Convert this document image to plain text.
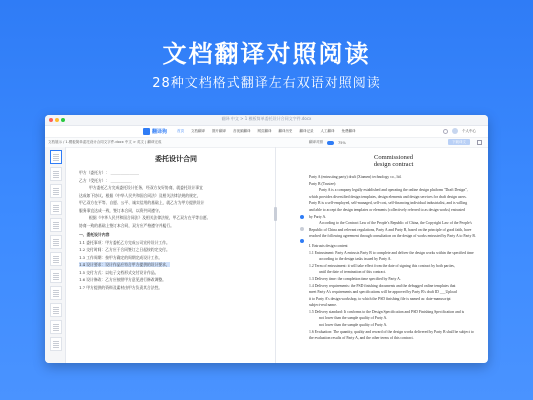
文档翻译对照阅读
28种文档格式翻译左右双语对照阅读
翻译 中文 > 1 模板简单委托设计合同文字件.docx
翻译狗	首页 文档翻译 图片翻译 音视频翻译 网页翻译 翻译历史 翻译记录 人工翻译 免费翻译	个人中心
文档展示 / 1.模板简单委托设计合同文字件.docx 中文 > 英文 | 翻译完成	翻译对照	75%	下载译文
委托设计合同
甲方（委托方）： _______________
乙方（受托方）： ___________
甲方委托乙方完成委托设计任务，经双方友好协商，就委托设计事宜
达成如下协议。根据《中华人民共和国合同法》及相关法律法规的规定，
甲乙双方在平等、自愿、公平、诚实信用的基础上，就乙方为甲方提供设计
服务事宜达成一致，签订本合同，以资共同遵守。
根据《中华人民共和国合同法》及相关法律法规，甲乙双方在平等自愿、
协商一致的基础上签订本合同，双方应严格遵守并履行。
一、委托设计内容
1.1 委托事项：甲方委托乙方完成公司宣传设计工作。
1.2 交付时间：乙方应于合同签订之日起按约定交付。
1.3 工作周期：按甲方确定的周期完成设计工作。
1.4 设计要求：设计作品应符合甲方提供的设计要求，
1.5 交付方式：以电子文档形式交付设计作品。
1.6 设计修改：乙方应按照甲方意见进行修改调整。
1.7 甲方提供的资料及素材由甲方负责其合法性。
Commissioned
design contract
Party A (entrusting party) draft (Xiamen) technology co., ltd.
Party B (Trustee):
Party A is a company legally established and operating the online design platform "Draft Design",
which provides diversified design templates, design elements and design services for draft design users.
Party B is a self-employed, self-managed, self-cost, self-financing individual industrialist, and is willing
and able to accept the design templates or elements (collectively referred to as design works) entrusted
by Party A.
According to the Contract Law of the People's Republic of China, the Copyright Law of the People's
Republic of China and relevant regulations, Party A and Party B, based on the principle of good faith, have
reached the following agreement through consultation on the design of works entrusted by Party A to Party B.
I. Entrusts design content
1.1 Entrustment: Party A entrusts Party B to complete and deliver the design works within the specified time
according to the design tasks issued by Party A.
1.2 Term of entrustment: it will take effect from the date of signing this contract by both parties,
until the date of termination of this contract.
1.3 Delivery time: the completion time specified by Party A.
1.4 Delivery requirements: the PSD finishing documents and the debugged online templates that
meet Party A's requirements and specifications will be approved by Party B's draft ID ___Upload
it to Party A's design workshop, to which the PSD finishing file is named as: date-manuscript
subject-real name.
1.5 Delivery standard: It conforms to the Design Specification and PSD Finishing Specification and is
not lower than the sample quality of Party A.
not lower than the sample quality of Party A.
1.6 Evaluation: The quantity, quality and reward of the design works delivered by Party B shall be subject to
the evaluation results of Party A, and the other terms of this contract.
